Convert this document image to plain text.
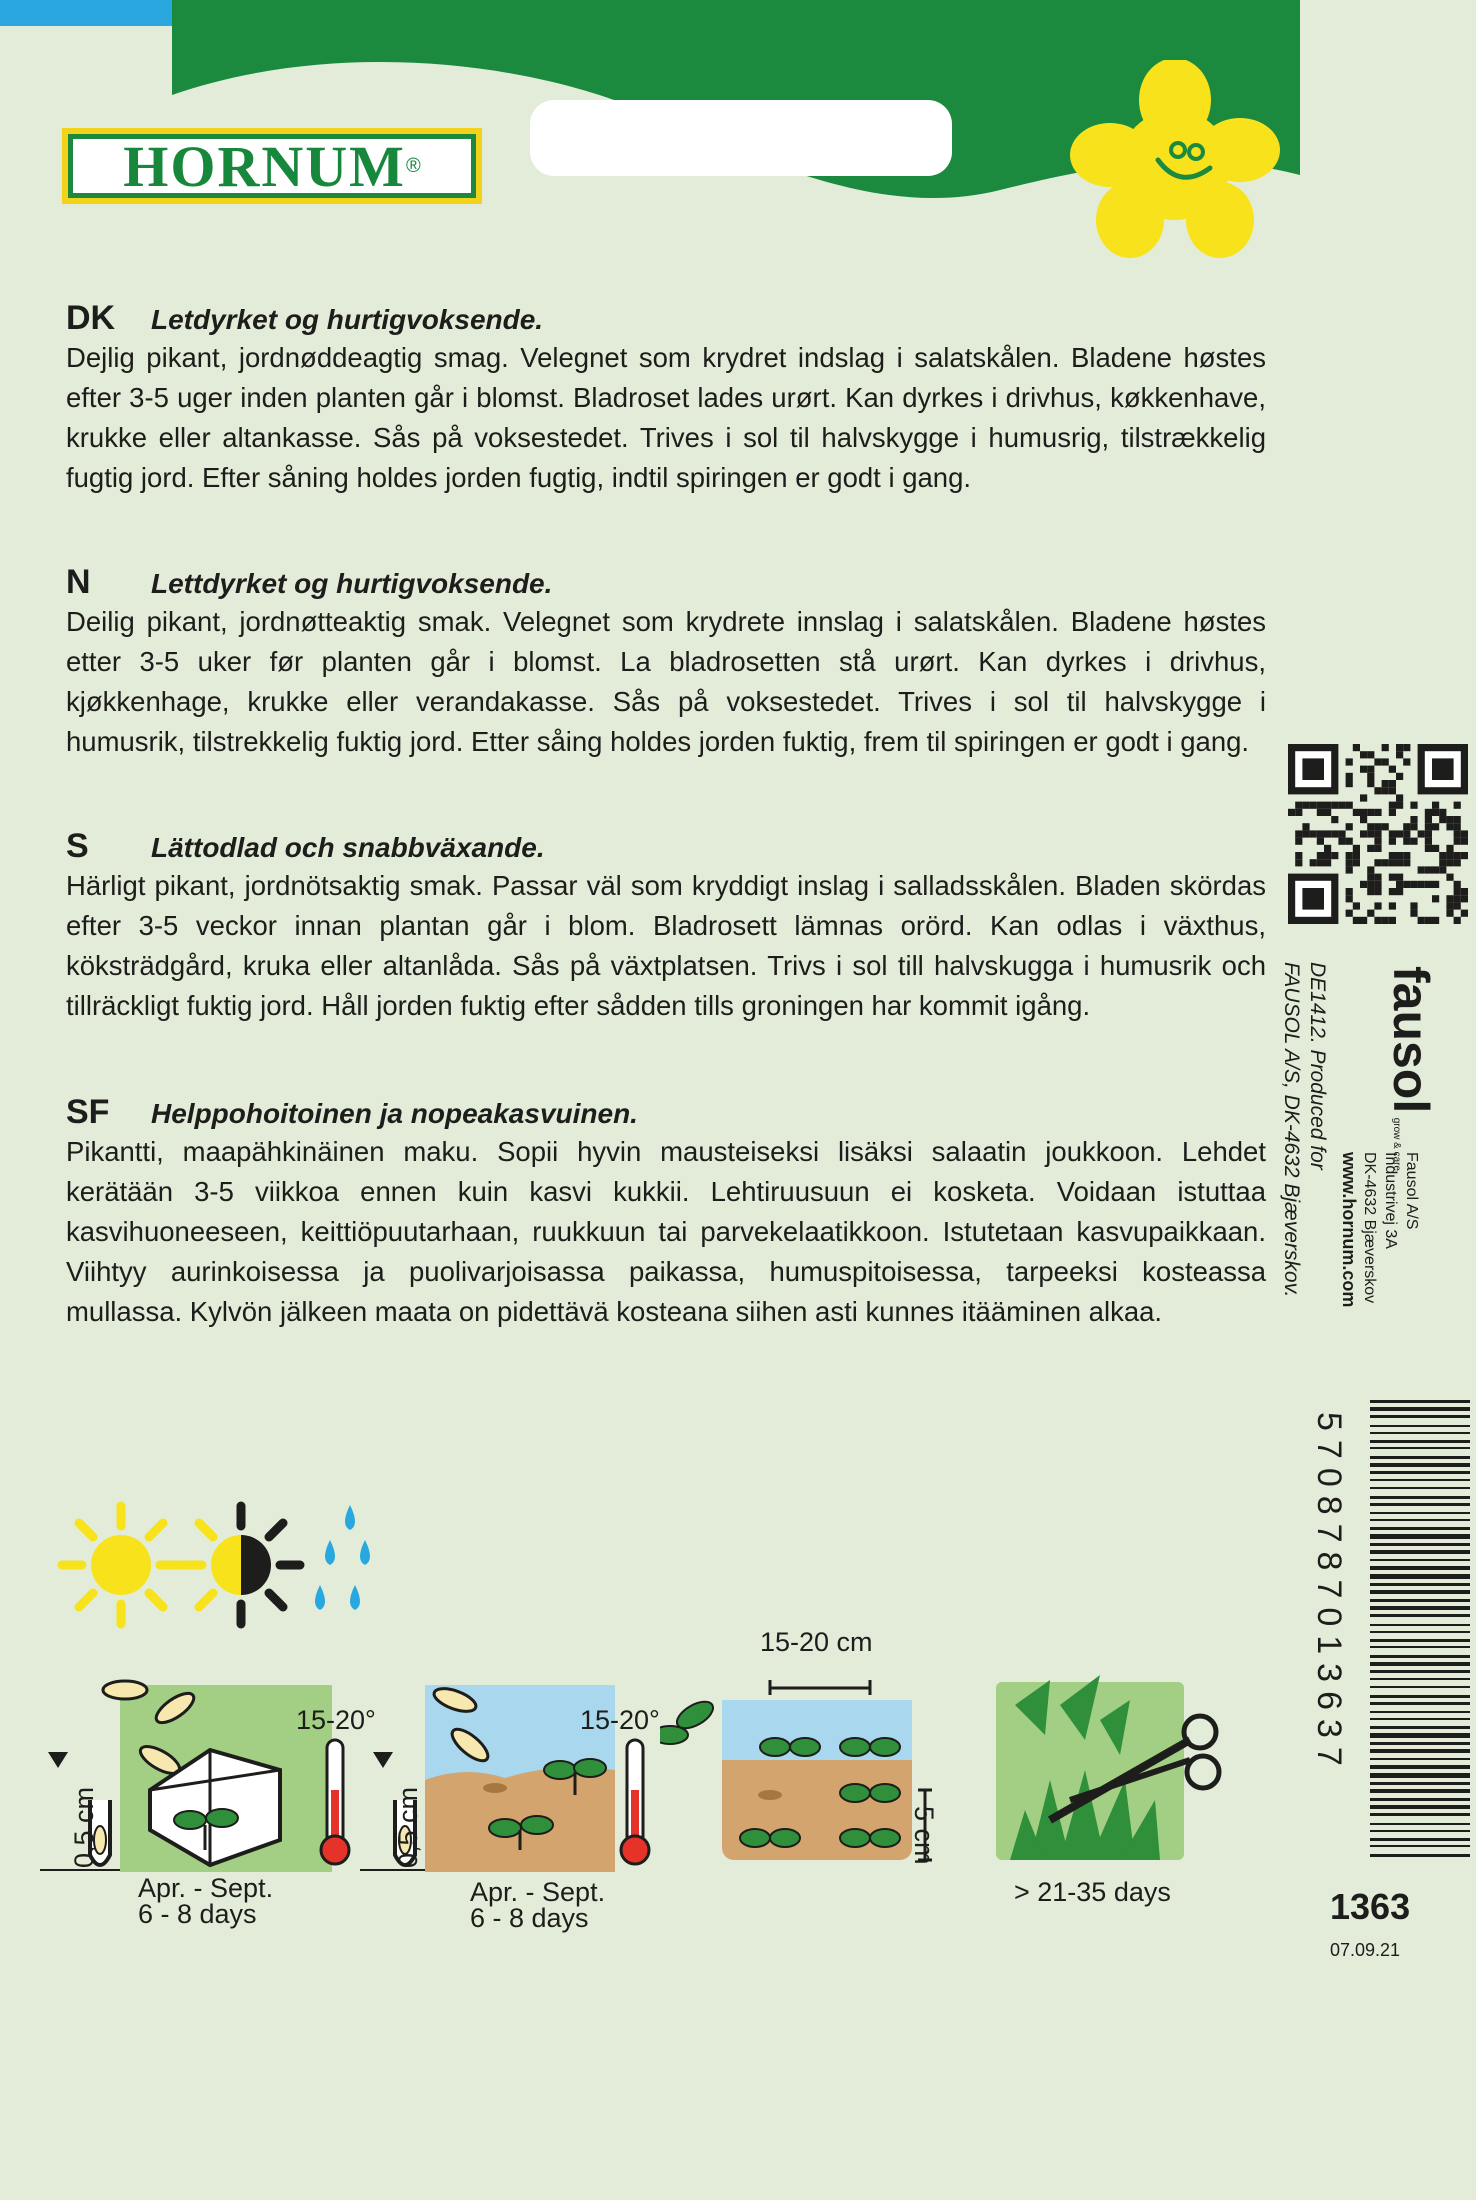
HORNUM ®
DK Letdyrket og hurtigvoksende.

Dejlig pikant, jordnøddeagtig smag. Velegnet som krydret indslag i salatskålen. Bladene høstes efter 3-5 uger inden planten går i blomst. Bladroset lades urørt. Kan dyrkes i drivhus, køkkenhave, krukke eller altankasse. Sås på voksestedet. Trives i sol til halvskygge i humusrig, tilstrækkelig fugtig jord. Efter såning holdes jorden fugtig, indtil spiringen er godt i gang.

N Lettdyrket og hurtigvoksende.

Deilig pikant, jordnøtteaktig smak. Velegnet som krydrete innslag i salatskålen. Bladene høstes etter 3-5 uker før planten går i blomst. La bladrosetten stå urørt. Kan dyrkes i drivhus, kjøkkenhage, krukke eller verandakasse. Sås på voksestedet. Trives i sol til halvskygge i humusrik, tilstrekkelig fuktig jord. Etter såing holdes jorden fuktig, frem til spiringen er godt i gang.

S Lättodlad och snabbväxande.

Härligt pikant, jordnötsaktig smak. Passar väl som kryddigt inslag i salladsskålen. Bladen skördas efter 3-5 veckor innan plantan går i blom. Bladrosett lämnas orörd. Kan odlas i växthus, köksträdgård, kruka eller altanlåda. Sås på växtplatsen. Trivs i sol till halvskugga i humusrik och tillräckligt fuktig jord. Håll jorden fuktig efter sådden tills groningen har kommit igång.

SF Helppohoitoinen ja nopeakasvuinen.

Pikantti, maapähkinäinen maku. Sopii hyvin mausteiseksi lisäksi salaatin joukkoon. Lehdet kerätään 3-5 viikkoa ennen kuin kasvi kukkii. Lehtiruusuun ei kosketa. Voidaan istuttaa kasvihuoneeseen, keittiöpuutarhaan, ruukkuun tai parvekelaatikkoon. Istutetaan kasvupaikkaan. Viihtyy aurinkoisessa ja puolivarjoisassa paikassa, humuspitoisessa, tarpeeksi kosteassa mullassa. Kylvön jälkeen maata on pidettävä kosteana siihen asti kunnes itääminen alkaa.

DE1412. Produced for
FAUSOL A/S, DK-4632 Bjæverskov. fausol grow & care
Fausol A/S
Industrivej 3A
DK-4632 Bjæverskov
www.hornum.com
5708787013637
1363
07.09.21
15-20°
0,5 cm
Apr. - Sept.
6 - 8 days
15-20°
0,5 cm
Apr. - Sept.
6 - 8 days
15-20 cm
5 cm
> 21-35 days
